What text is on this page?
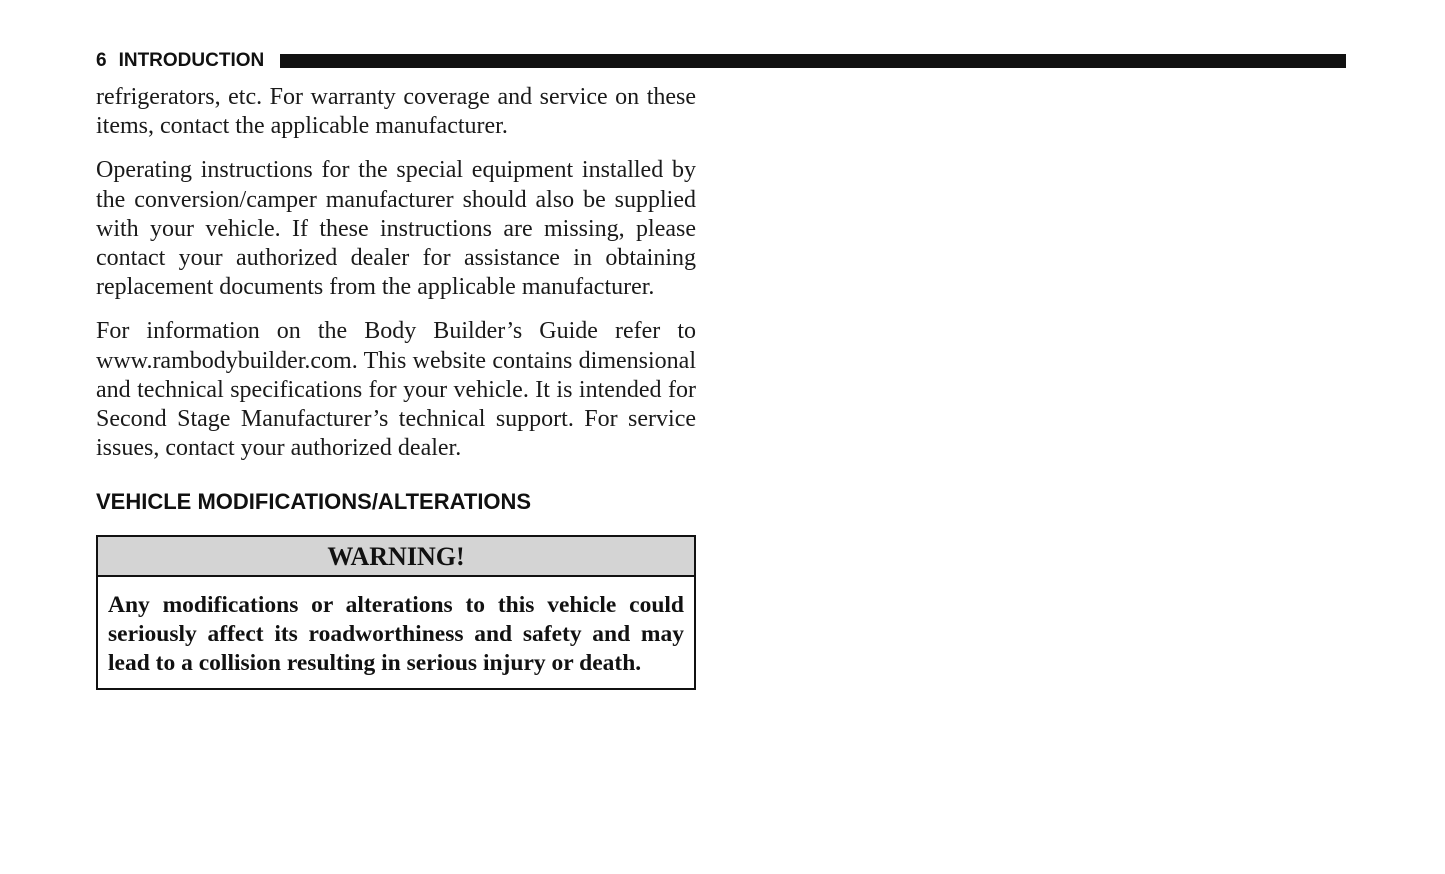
6 INTRODUCTION

refrigerators, etc. For warranty coverage and service on these items, contact the applicable manufacturer.

Operating instructions for the special equipment installed by the conversion/camper manufacturer should also be supplied with your vehicle. If these instructions are missing, please contact your authorized dealer for assistance in obtaining replacement documents from the applicable manufacturer.

For information on the Body Builder’s Guide refer to www.rambodybuilder.com. This website contains dimensional and technical specifications for your vehicle. It is intended for Second Stage Manufacturer’s technical support. For service issues, contact your authorized dealer.

VEHICLE MODIFICATIONS/ALTERATIONS
WARNING!
Any modifications or alterations to this vehicle could seriously affect its roadworthiness and safety and may lead to a collision resulting in serious injury or death.
